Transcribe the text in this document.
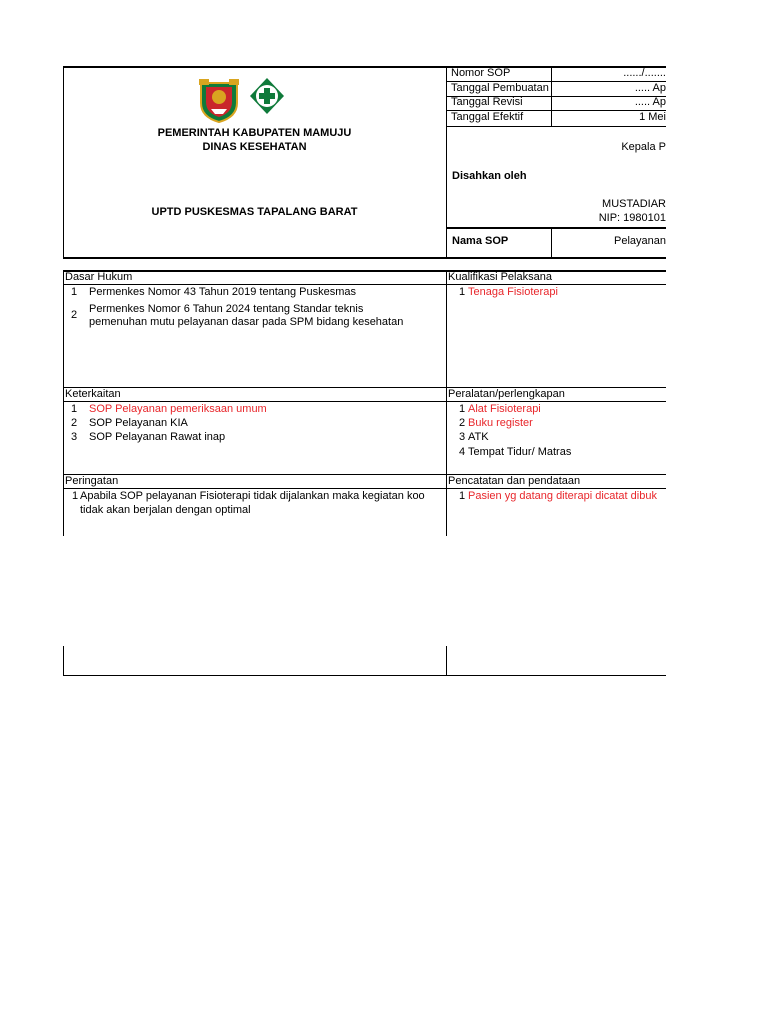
PEMERINTAH KABUPATEN MAMUJU
DINAS KESEHATAN
UPTD PUSKESMAS TAPALANG BARAT
Nomor SOP	....../.......
Tanggal Pembuatan	..... Ap
Tanggal Revisi	..... Ap
Tanggal Efektif	1 Mei
Disahkan oleh
Kepala P
MUSTADIAR
NIP: 1980101
Nama SOP	Pelayanan
Dasar Hukum
1 Permenkes Nomor 43 Tahun 2019 tentang Puskesmas
2 Permenkes Nomor 6 Tahun 2024 tentang Standar teknis
pemenuhan mutu pelayanan dasar pada SPM bidang kesehatan
Kualifikasi Pelaksana
1 Tenaga Fisioterapi
Keterkaitan
1 SOP Pelayanan pemeriksaan umum
2 SOP Pelayanan KIA
3 SOP Pelayanan Rawat inap
Peralatan/perlengkapan
1 Alat Fisioterapi
2 Buku register
3 ATK
4 Tempat Tidur/ Matras
Peringatan
1 Apabila SOP pelayanan Fisioterapi tidak dijalankan maka kegiatan koo
tidak akan berjalan dengan optimal
Pencatatan dan pendataan
1 Pasien yg datang diterapi dicatat dibuk
